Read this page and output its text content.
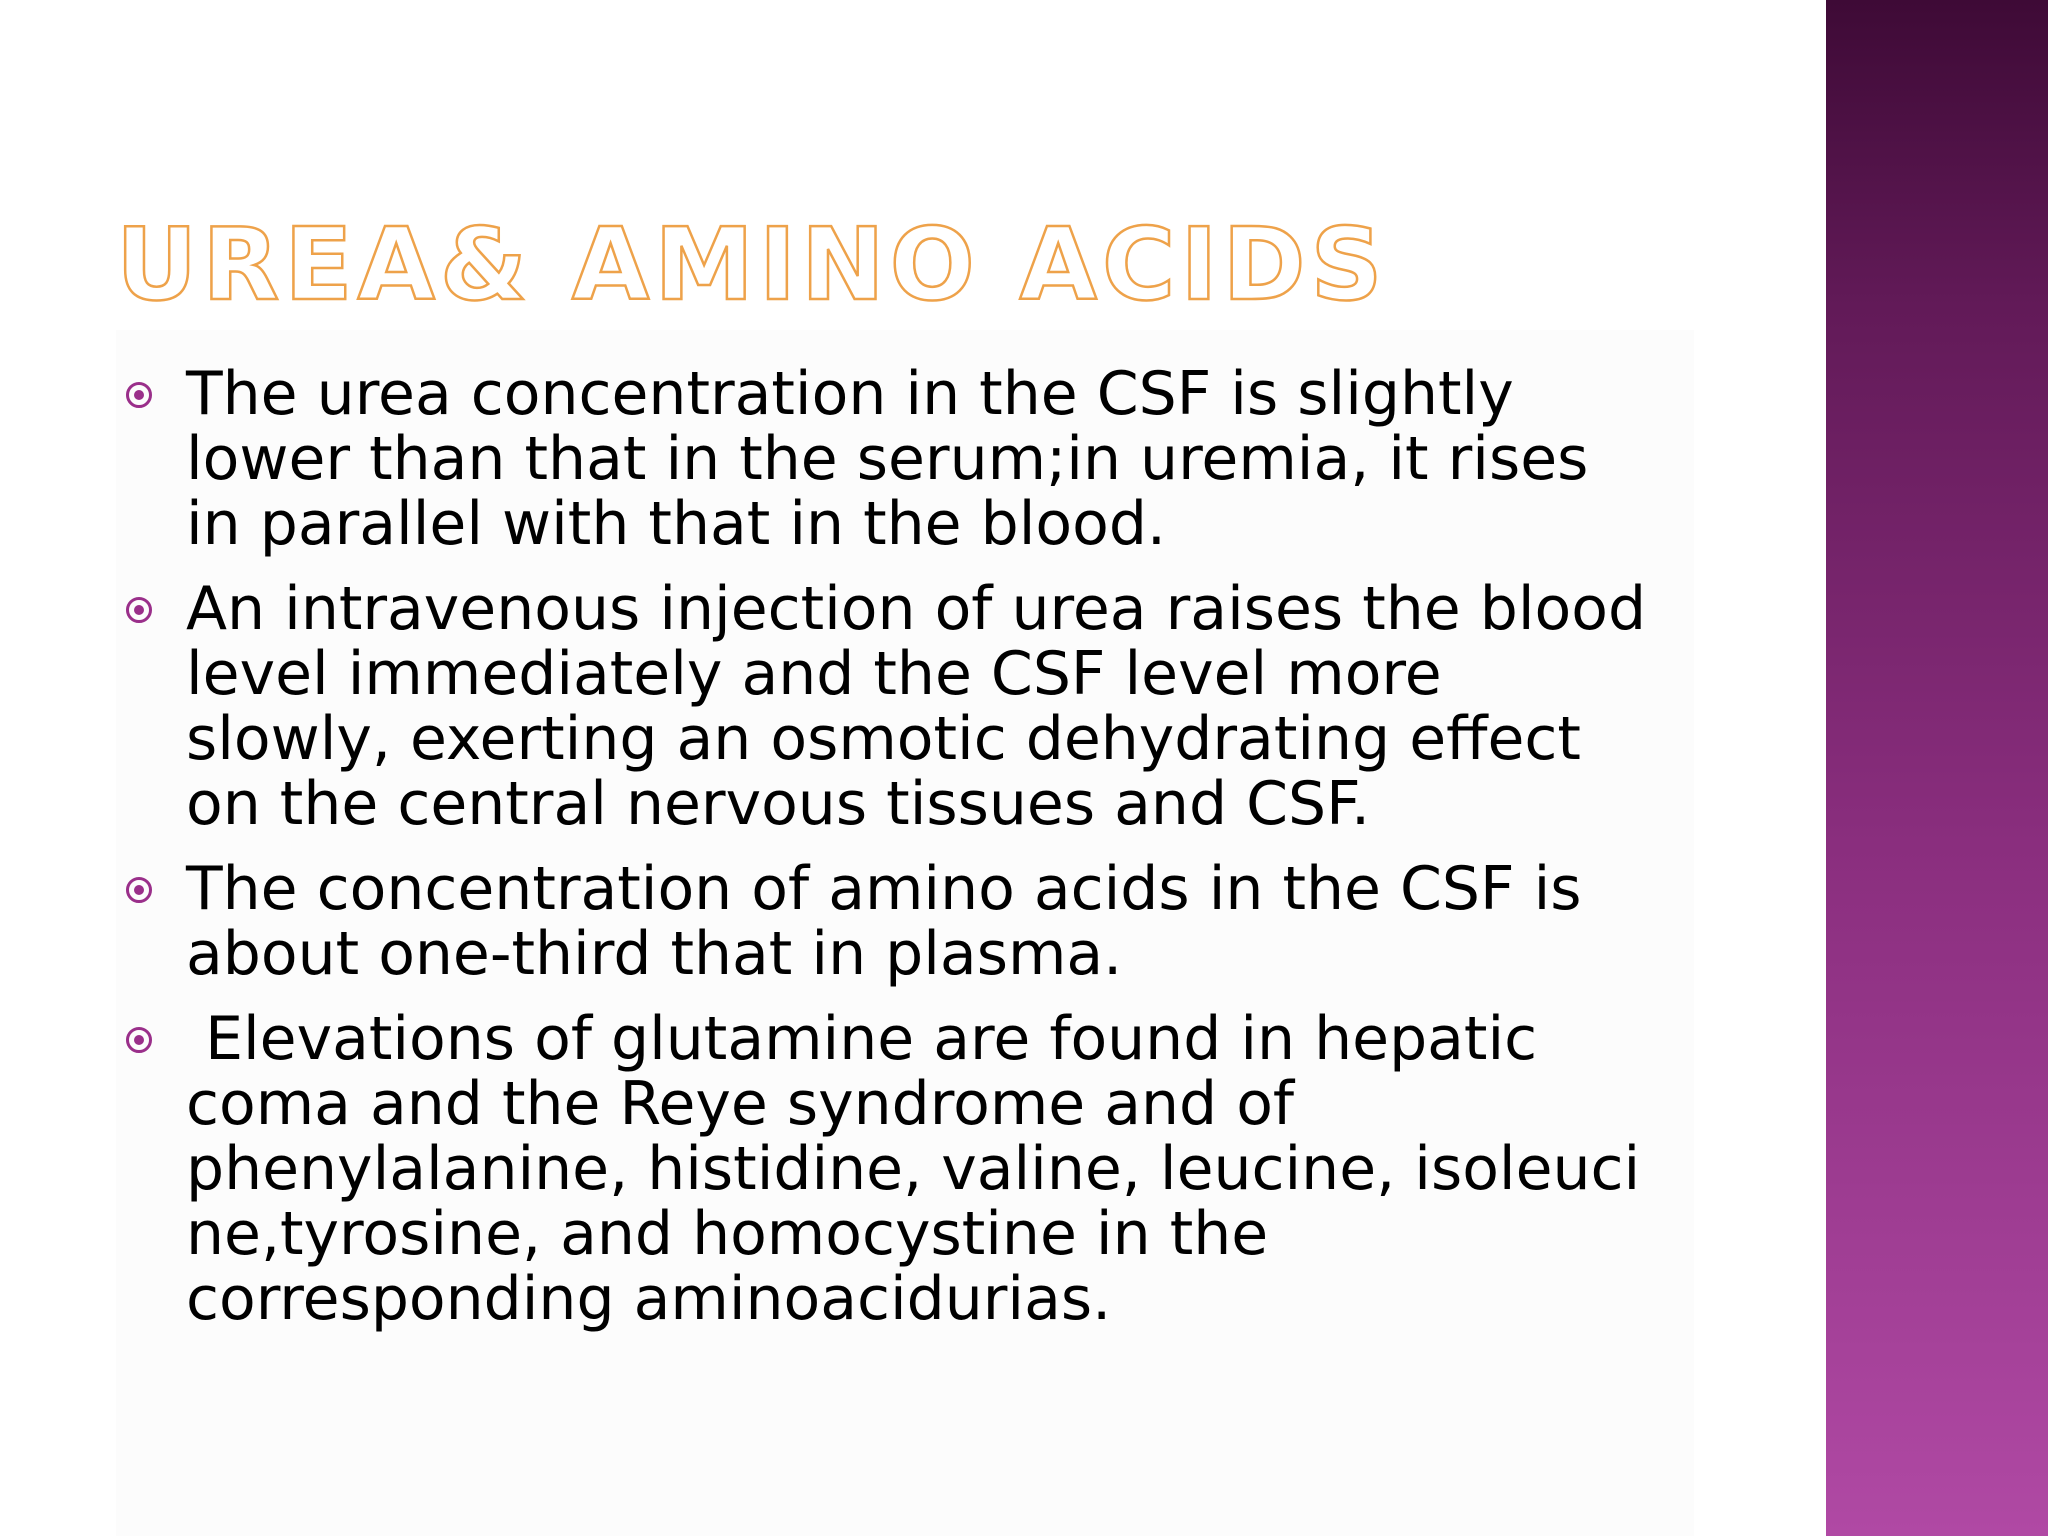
UREA& AMINO ACIDS
The urea concentration in the CSF is slightly
lower than that in the serum;in uremia, it rises
in parallel with that in the blood.
An intravenous injection of urea raises the blood
level immediately and the CSF level more
slowly, exerting an osmotic dehydrating effect
on the central nervous tissues and CSF.
The concentration of amino acids in the CSF is
about one-third that in plasma.
Elevations of glutamine are found in hepatic
coma and the Reye syndrome and of
phenylalanine, histidine, valine, leucine, isoleuci
ne,tyrosine, and homocystine in the
corresponding aminoacidurias.
